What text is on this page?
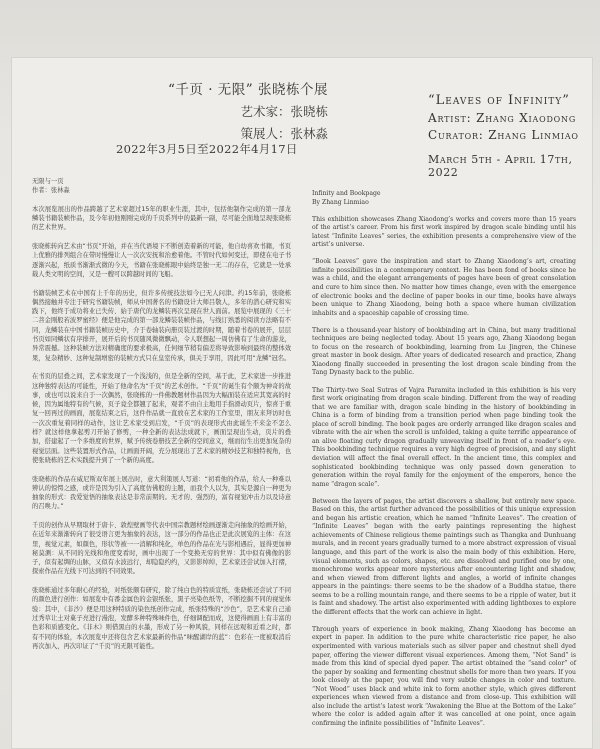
“千页 · 无限” 张晓栋个展
艺术家：张晓栋
策展人：张林淼
2022年3月5日至2022年4月17日
“Leaves of Infinity”
Artist: Zhang Xiaodong
Curator: Zhang Linmiao
March 5th - April 17th, 2022

无限与一页

作者：张林淼

本次展览展出的作品跨越了艺术家超过15年的职业生涯，其中，包括他制作完成的第一部龙鳞装书籍装帧作品，及今年初他刚刚完成的千页系列中的最新一副，尽可能全面地呈现张晓栋的艺术世界。

张晓栋转向艺术由“书页”开始，并在当代语境下不断创造着新的可能，他自幼喜欢书籍，书页上优雅的排列组合在带时慢慢让人一次次安抚和治愈着他。不管时代如何变迁，即使在电子书逐渐兴起，纸质书渐渐式微的今天，书籍在张晓栋眼中始终是独一无二的存在，它就是一处承载人类文明的空间，又是一艘可以跨越时间的飞船。

书籍装帧艺术在中国有上千年的历史，但许多传统技法如今已无人问津。约15年前，张晓栋偶然接触并专注于研究书籍装帧，师从中国著名的书籍设计大师吕敬人，多年的潜心研究和实践下，他终于成功将业已失传、始于唐代的龙鳞装再次呈现在世人面前。展览中展现的《三十二菩金刚般若波罗蜜经》便是他完成的第一部龙鳞装装帧作品，与线订熟悉的阅读方法略有不同，龙鳞装在中国书籍装帧历史中，介于卷轴装向册页装过渡的时期，随着书卷的展开，层层书页如同鳞状有序排开，展开后的书页随风微微飘动，令人联想起一周仿佛有了生命的游龙，异常震撼。这种装帧方法对精确度的要求极高，任何细节稍有偏差将导致影响到最终的整体效果，复杂精妙、这种复制增密的装帧方式只在皇室传承，俱关于享用，因此可用“龙鳞”冠名。

在书页的层叠之间，艺术家发现了一个浅浅的，但是全新的空间，基于此，艺术家进一步推进这种独特表达的可能性，开始了他命名为“千页”的艺术创作。“千页”的诞生有个颇为神奇的故事，或也可以说来自于一次偶然，张晓栋的一件佛教题材作品因为大幅面装在适应其宽高的时候，因为属地特有的气候，页子竟全都翘了起来，观者不由自主地用手指滑动页片，惊喜于重复一回再过的画面，展览结束之后，这件作品就一直放在艺术家的工作室里，朋友来拜访时也一次次重复着同样的动作，这让艺术家受到启发，“千页”的表现形式由此诞生不来金不怎么样？就这样他拿起剪刀开始了修剪，一种全新的表达法成就下，画面呈现出生动，页片的叠加，搭建起了一个多维度的世界，赋予传统卷册技艺全新的空间意义，继而衍生出更加复杂的视觉层面。这些装置形式作品，让画面开阔，充分展现出了艺术家的精妙技艺和独特视角，也使张晓栋的艺术实践提升到了一个新的高度。

张晓栋的作品在威尼斯双年展上展出时，意大利策展人写道：“初看他的作品，给人一种难以辨认的惊愕之感，或许是因为引入了高度仿佛般的主题，而我个人以为，其实是源自一种更为抽象的形式：我爱觉悟的抽象表达是非常前期的。无才的、强烈的，富有视觉冲击力以及诗意的召唤力。”

千页的创作从早期取材于唐卡、敦煌壁画等代表中国宗教题材绘画逐渐走向抽象的绘画开始，在近年来渐渐转向了很受语言更为抽象的表达，这一部分的作品也正是此次展览的主体：在这里，视觉元素，如颜色，形状等被一一消解和纯化，单色的作品在光与影相遇后，显得更加神秘莫测：从不同的光线和角度变看时，画中出现了一个变换无穷的世界：其中似有佛像的影子，似有起绸的山脉，又似有水波远行，却隐隐约约，又影影绰绰，艺术家还尝试加入打褶，探索作品在光线下可达到的不同效果。

张晓栋通过多年耐心的经验，对纸张颇有研究，除了纯白色的特质宣纸，张晓栋还尝试了不同的颜色进行创作：如展览中有番金属色的金银纸张，黑子亮染色纸等，不断挖掘不同的视觉体验：其中，《非沙》便是用这种特质的染色纸创作完成，纸张特殊的“沙色”，是艺术家自己通过秀草让土对菓子亮进行漫泡，发酵多种特殊味件色，仔细调配而成，这使得画面上有丰富的色彩和质感变化。《非木》则借黑白的水墨，形成了另一种风貌，同样在远观和近看之时，都有不同的体验，本次展览中还将包含艺术家最新的作品“味醒湖岸的蓝”：色彩在一度被取消后再次加入，再次印证了“千页”的无限可能性。

Infinity and Bookpage

By Zhang Linmiao

This exhibition showcases Zhang Xiaodong’s works and covers more than 15 years of the artist’s career. From his first work inspired by dragon scale binding until his latest “Infinite Leaves” series, the exhibition presents a comprehensive view of the artist’s universe.

“Book Leaves” gave the inspiration and start to Zhang Xiaodong’s art, creating infinite possibilities in a contemporary context. He has been fond of books since he was a child, and the elegant arrangements of pages have been of great consolation and cure to him since then. No matter how times change, even with the emergence of electronic books and the decline of paper books in our time, books have always been unique to Zhang Xiaodong, being both a space where human civilization inhabits and a spaceship capable of crossing time.

There is a thousand-year history of bookbinding art in China, but many traditional techniques are being neglected today. About 15 years ago, Zhang Xiaodong began to focus on the research of bookbinding, learning from Lu Jingren, the Chinese great master in book design. After years of dedicated research and practice, Zhang Xiaodong finally succeeded in presenting the lost dragon scale binding from the Tang Dynasty back to the public.

The Thirty-two Seal Sutras of Vajra Paramita included in this exhibition is his very first work originating from dragon scale binding. Different from the way of reading that we are familiar with, dragon scale binding in the history of bookbinding in China is a form of binding from a transition period when page binding took the place of scroll binding. The book pages are orderly arranged like dragon scales and vibrate with the air when the scroll is unfolded, taking a quite terrific appearance of an alive floating curly dragon gradually unweaving itself in front of a reader’s eye. This bookbinding technique requires a very high degree of precision, and any slight deviation will affect the final overall effect. In the ancient time, this complex and sophisticated bookbinding technique was only passed down generation to generation within the royal family for the enjoyment of the emperors, hence the name “dragon scale”.

Between the layers of pages, the artist discovers a shallow, but entirely new space. Based on this, the artist further advanced the possibilities of this unique expression and began his artistic creation, which he named “Infinite Leaves”. The creation of “Infinite Leaves” began with the early paintings representing the highest achievements of Chinese religious theme paintings such as Thangka and Dunhuang murals, and in recent years gradually turned to a more abstract expression of visual language, and this part of the work is also the main body of this exhibition. Here, visual elements, such as colors, shapes, etc. are dissolved and purified one by one, monochrome works appear more mysterious after encountering light and shadow, and when viewed from different lights and angles, a world of infinite changes appears in the paintings: there seems to be the shadow of a Buddha statue, there seems to be a rolling mountain range, and there seems to be a ripple of water, but it is faint and shadowy. The artist also experimented with adding lightboxes to explore the different effects that the work can achieve in light.

Through years of experience in book making, Zhang Xiaodong has become an expert in paper. In addition to the pure white characteristic rice paper, he also experimented with various materials such as silver paper and chestnut shell dyed paper, offering the viewer different visual experiences. Among them, “Not Sand” is made from this kind of special dyed paper. The artist obtained the “sand color” of the paper by soaking and fermenting chestnut shells for more than two years. If you look closely at the paper, you will find very subtle changes in color and texture. “Not Wood” uses black and white ink to form another style, which gives different experiences when viewed from a distance and from close-up. This exhibition will also include the artist’s latest work “Awakening the Blue at the Bottom of the Lake” where the color is added again after it was cancelled at one point, once again confirming the infinite possibilities of “Infinite Leaves”.
